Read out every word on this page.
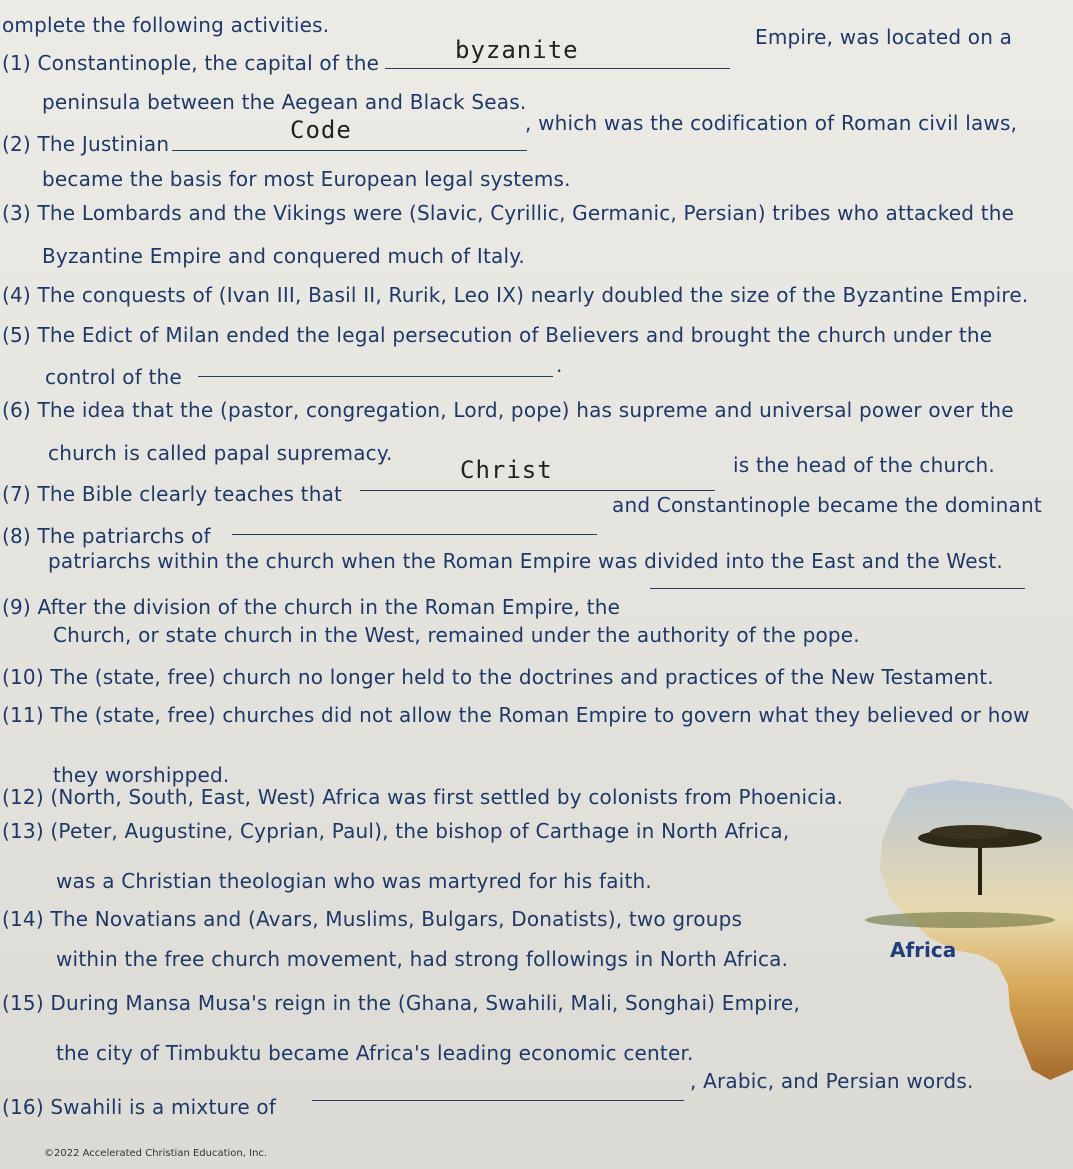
omplete the following activities.
(1) Constantinople, the capital of the	byzanite	Empire, was located on a
peninsula between the Aegean and Black Seas.
(2) The Justinian	Code	, which was the codification of Roman civil laws,
became the basis for most European legal systems.
(3) The Lombards and the Vikings were (Slavic, Cyrillic, Germanic, Persian) tribes who attacked the
Byzantine Empire and conquered much of Italy.
(4) The conquests of (Ivan III, Basil II, Rurik, Leo IX) nearly doubled the size of the Byzantine Empire.
(5) The Edict of Milan ended the legal persecution of Believers and brought the church under the
control of the	.
(6) The idea that the (pastor, congregation, Lord, pope) has supreme and universal power over the
church is called papal supremacy.
(7) The Bible clearly teaches that
Christ	is the head of the church.
(8) The patriarchs of
and Constantinople became the dominant
patriarchs within the church when the Roman Empire was divided into the East and the West.
(9) After the division of the church in the Roman Empire, the
Church, or state church in the West, remained under the authority of the pope.
(10) The (state, free) church no longer held to the doctrines and practices of the New Testament.
(11) The (state, free) churches did not allow the Roman Empire to govern what they believed or how
they worshipped.
(12) (North, South, East, West) Africa was first settled by colonists from Phoenicia.
(13) (Peter, Augustine, Cyprian, Paul), the bishop of Carthage in North Africa,
was a Christian theologian who was martyred for his faith.
(14) The Novatians and (Avars, Muslims, Bulgars, Donatists), two groups
within the free church movement, had strong followings in North Africa.
(15) During Mansa Musa's reign in the (Ghana, Swahili, Mali, Songhai) Empire,
the city of Timbuktu became Africa's leading economic center.
(16) Swahili is a mixture of
, Arabic, and Persian words.
Africa
©2022 Accelerated Christian Education, Inc.
